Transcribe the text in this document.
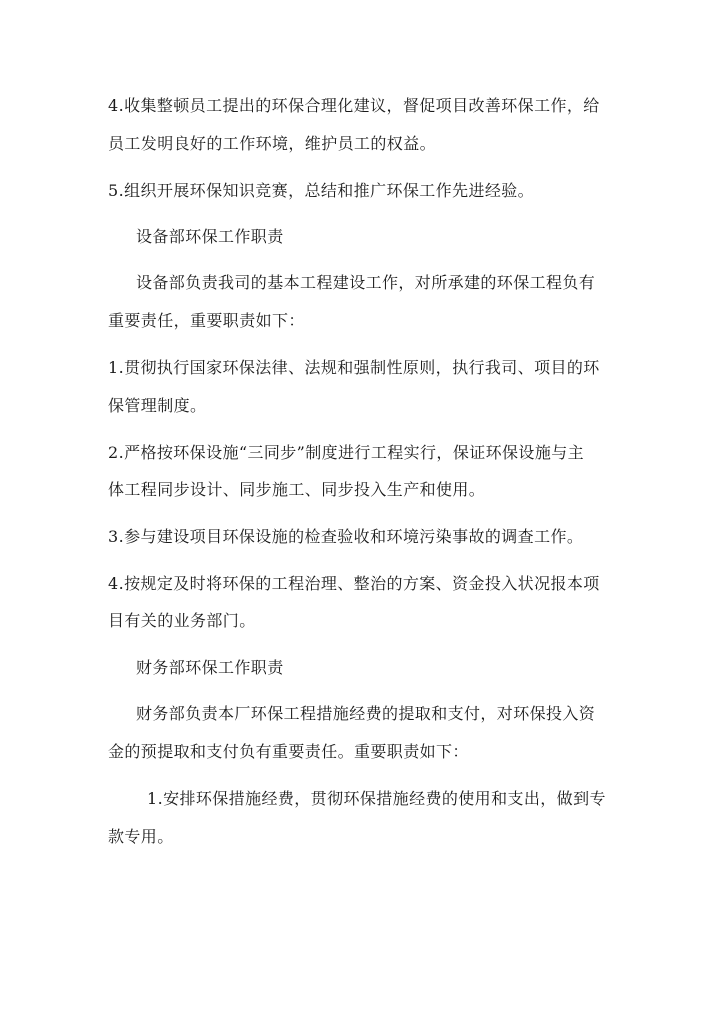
4.收集整顿员工提出的环保合理化建议，督促项目改善环保工作，给
员工发明良好的工作环境，维护员工的权益。
5.组织开展环保知识竞赛，总结和推广环保工作先进经验。
设备部环保工作职责
设备部负责我司的基本工程建设工作，对所承建的环保工程负有
重要责任，重要职责如下：
1.贯彻执行国家环保法律、法规和强制性原则，执行我司、项目的环
保管理制度。
2.严格按环保设施“三同步”制度进行工程实行，保证环保设施与主
体工程同步设计、同步施工、同步投入生产和使用。
3.参与建设项目环保设施的检查验收和环境污染事故的调查工作。
4.按规定及时将环保的工程治理、整治的方案、资金投入状况报本项
目有关的业务部门。
财务部环保工作职责
财务部负责本厂环保工程措施经费的提取和支付，对环保投入资
金的预提取和支付负有重要责任。重要职责如下：
1.安排环保措施经费，贯彻环保措施经费的使用和支出，做到专
款专用。
